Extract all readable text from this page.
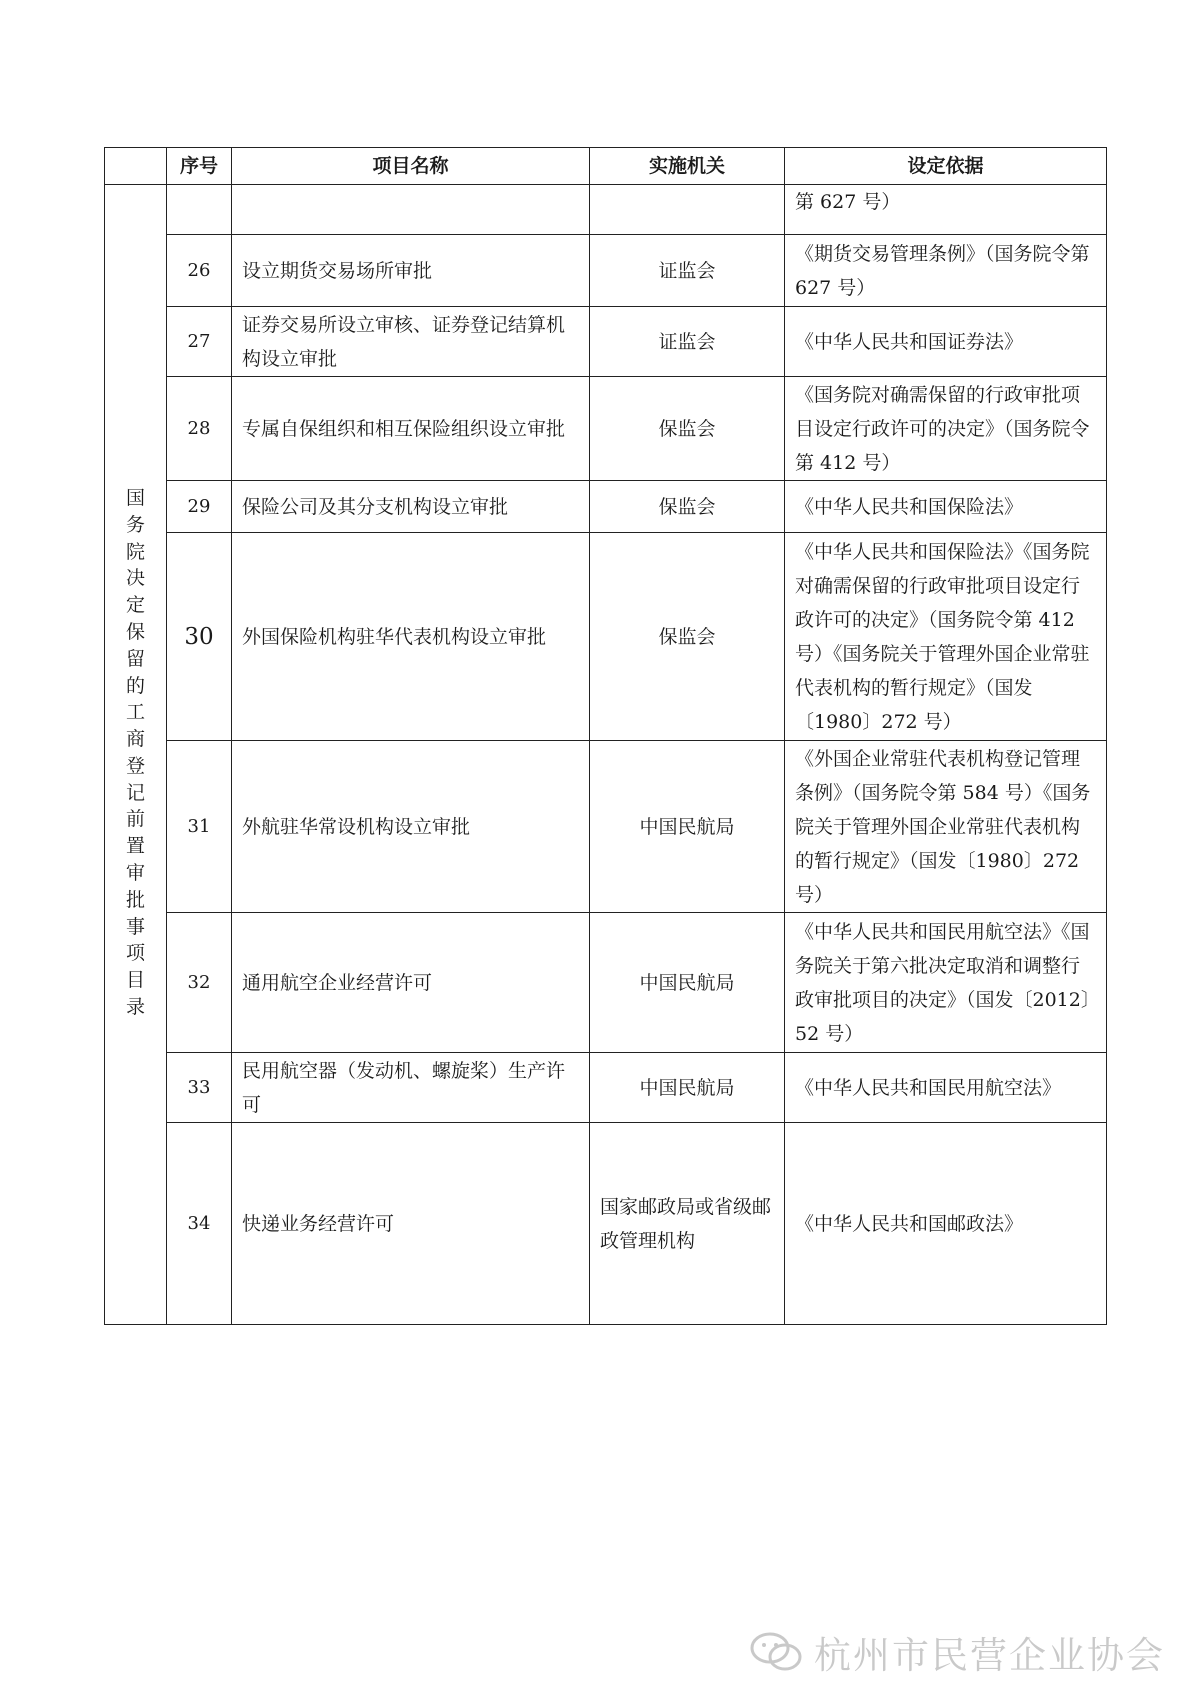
	序号	项目名称	实施机关	设定依据
国务院决定保留的工商登记前置审批事项目录				第 627 号）
	26	设立期货交易场所审批	证监会	《期货交易管理条例》（国务院令第 627 号）
	27	证券交易所设立审核、证券登记结算机构设立审批	证监会	《中华人民共和国证券法》
	28	专属自保组织和相互保险组织设立审批	保监会	《国务院对确需保留的行政审批项目设定行政许可的决定》（国务院令第 412 号）
	29	保险公司及其分支机构设立审批	保监会	《中华人民共和国保险法》
	30	外国保险机构驻华代表机构设立审批	保监会	《中华人民共和国保险法》《国务院对确需保留的行政审批项目设定行政许可的决定》（国务院令第 412 号）《国务院关于管理外国企业常驻代表机构的暂行规定》（国发〔1980〕272 号）
	31	外航驻华常设机构设立审批	中国民航局	《外国企业常驻代表机构登记管理条例》（国务院令第 584 号）《国务院关于管理外国企业常驻代表机构的暂行规定》（国发〔1980〕272 号）
	32	通用航空企业经营许可	中国民航局	《中华人民共和国民用航空法》《国务院关于第六批决定取消和调整行政审批项目的决定》（国发〔2012〕52 号）
	33	民用航空器（发动机、螺旋桨）生产许可	中国民航局	《中华人民共和国民用航空法》
	34	快递业务经营许可	国家邮政局或省级邮政管理机构	《中华人民共和国邮政法》
杭州市民营企业协会
